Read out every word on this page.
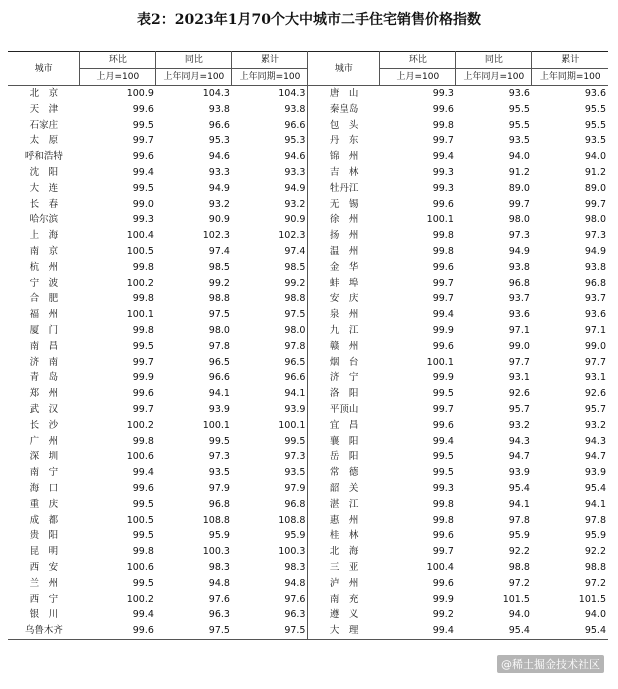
表2：2023年1月70个大中城市二手住宅销售价格指数
城市	环比	同比	累计	城市	环比	同比	累计
	上月=100	上年同月=100	上年同期=100		上月=100	上年同月=100	上年同期=100
北　京	100.9	104.3	104.3	唐　山	99.3	93.6	93.6
天　津	99.6	93.8	93.8	秦皇岛	99.6	95.5	95.5
石家庄	99.5	96.6	96.6	包　头	99.8	95.5	95.5
太　原	99.7	95.3	95.3	丹　东	99.7	93.5	93.5
呼和浩特	99.6	94.6	94.6	锦　州	99.4	94.0	94.0
沈　阳	99.4	93.3	93.3	吉　林	99.3	91.2	91.2
大　连	99.5	94.9	94.9	牡丹江	99.3	89.0	89.0
长　春	99.0	93.2	93.2	无　锡	99.6	99.7	99.7
哈尔滨	99.3	90.9	90.9	徐　州	100.1	98.0	98.0
上　海	100.4	102.3	102.3	扬　州	99.8	97.3	97.3
南　京	100.5	97.4	97.4	温　州	99.8	94.9	94.9
杭　州	99.8	98.5	98.5	金　华	99.6	93.8	93.8
宁　波	100.2	99.2	99.2	蚌　埠	99.7	96.8	96.8
合　肥	99.8	98.8	98.8	安　庆	99.7	93.7	93.7
福　州	100.1	97.5	97.5	泉　州	99.4	93.6	93.6
厦　门	99.8	98.0	98.0	九　江	99.9	97.1	97.1
南　昌	99.5	97.8	97.8	赣　州	99.6	99.0	99.0
济　南	99.7	96.5	96.5	烟　台	100.1	97.7	97.7
青　岛	99.9	96.6	96.6	济　宁	99.9	93.1	93.1
郑　州	99.6	94.1	94.1	洛　阳	99.5	92.6	92.6
武　汉	99.7	93.9	93.9	平顶山	99.7	95.7	95.7
长　沙	100.2	100.1	100.1	宜　昌	99.6	93.2	93.2
广　州	99.8	99.5	99.5	襄　阳	99.4	94.3	94.3
深　圳	100.6	97.3	97.3	岳　阳	99.5	94.7	94.7
南　宁	99.4	93.5	93.5	常　德	99.5	93.9	93.9
海　口	99.6	97.9	97.9	韶　关	99.3	95.4	95.4
重　庆	99.5	96.8	96.8	湛　江	99.8	94.1	94.1
成　都	100.5	108.8	108.8	惠　州	99.8	97.8	97.8
贵　阳	99.5	95.9	95.9	桂　林	99.6	95.9	95.9
昆　明	99.8	100.3	100.3	北　海	99.7	92.2	92.2
西　安	100.6	98.3	98.3	三　亚	100.4	98.8	98.8
兰　州	99.5	94.8	94.8	泸　州	99.6	97.2	97.2
西　宁	100.2	97.6	97.6	南　充	99.9	101.5	101.5
银　川	99.4	96.3	96.3	遵　义	99.2	94.0	94.0
乌鲁木齐	99.6	97.5	97.5	大　理	99.4	95.4	95.4
@稀土掘金技术社区
